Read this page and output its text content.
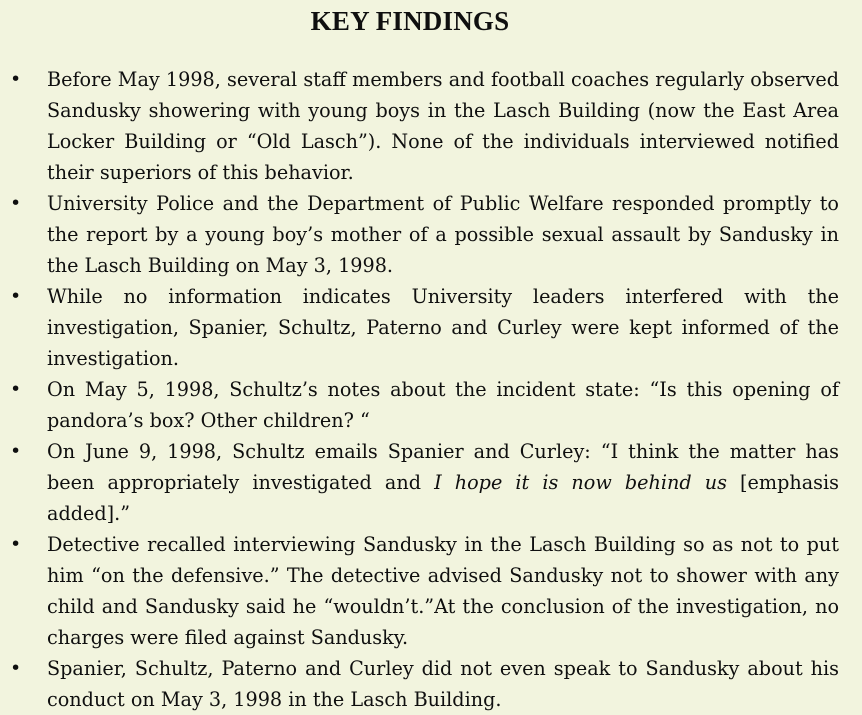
KEY FINDINGS
• Before May 1998, several staff members and football coaches regularly observed Sandusky showering with young boys in the Lasch Building (now the East Area Locker Building or “Old Lasch”). None of the individuals interviewed notified their superiors of this behavior.
• University Police and the Department of Public Welfare responded promptly to the report by a young boy’s mother of a possible sexual assault by Sandusky in the Lasch Building on May 3, 1998.
• While no information indicates University leaders interfered with the investigation, Spanier, Schultz, Paterno and Curley were kept informed of the investigation.
• On May 5, 1998, Schultz’s notes about the incident state: “Is this opening of pandora’s box? Other children? “
• On June 9, 1998, Schultz emails Spanier and Curley: “I think the matter has been appropriately investigated and I hope it is now behind us [emphasis added].”
• Detective recalled interviewing Sandusky in the Lasch Building so as not to put him “on the defensive.” The detective advised Sandusky not to shower with any child and Sandusky said he “wouldn’t.”At the conclusion of the investigation, no charges were filed against Sandusky.
• Spanier, Schultz, Paterno and Curley did not even speak to Sandusky about his conduct on May 3, 1998 in the Lasch Building.
